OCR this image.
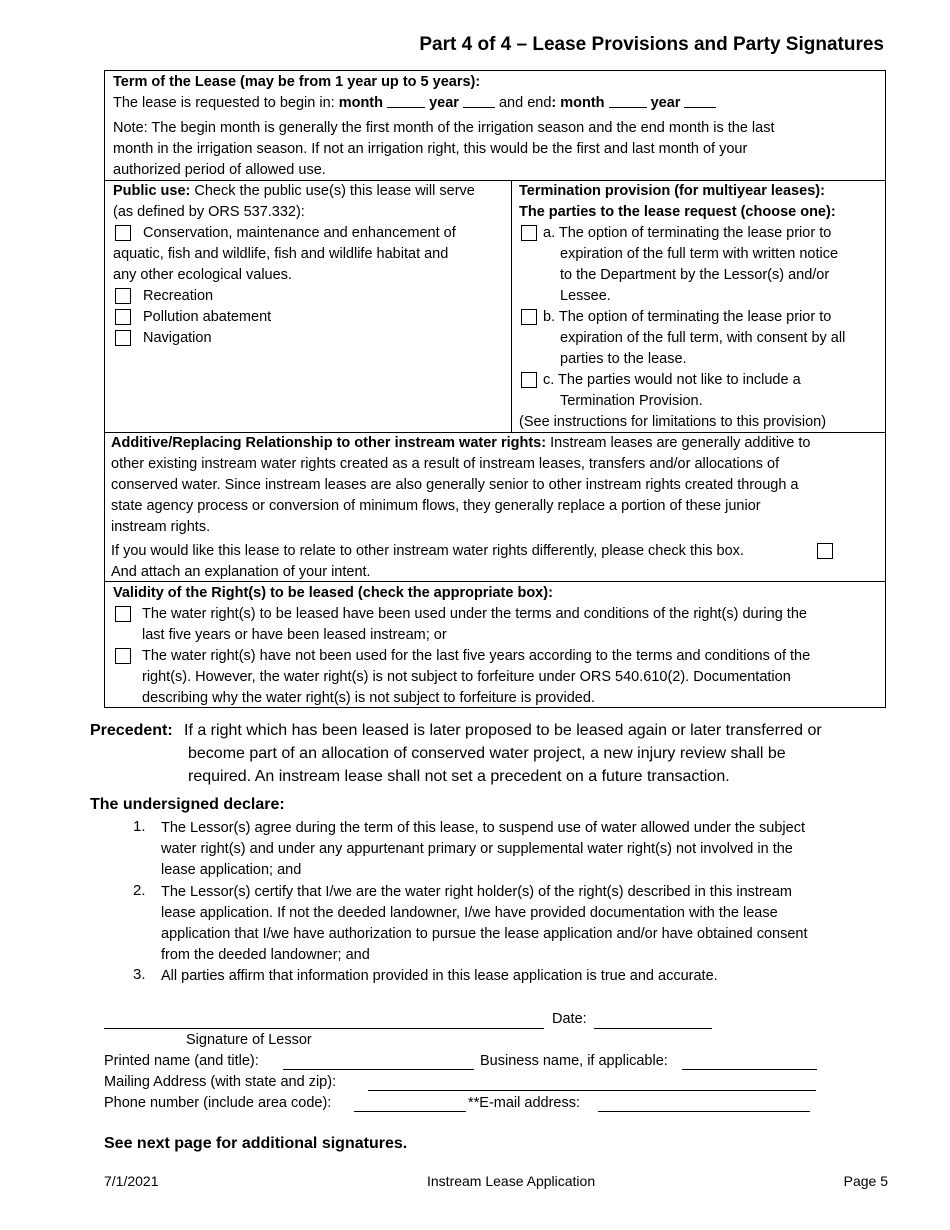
Part 4 of 4 – Lease Provisions and Party Signatures
Term of the Lease (may be from 1 year up to 5 years):
The lease is requested to begin in: month	year	and end: month	year
Note: The begin month is generally the first month of the irrigation season and the end month is the last
month in the irrigation season. If not an irrigation right, this would be the first and last month of your
authorized period of allowed use.
Public use: Check the public use(s) this lease will serve
(as defined by ORS 537.332):
Conservation, maintenance and enhancement of
aquatic, fish and wildlife, fish and wildlife habitat and
any other ecological values.
Recreation
Pollution abatement
Navigation
Termination provision (for multiyear leases):
The parties to the lease request (choose one):
a. The option of terminating the lease prior to
expiration of the full term with written notice
to the Department by the Lessor(s) and/or
Lessee.
b. The option of terminating the lease prior to
expiration of the full term, with consent by all
parties to the lease.
c. The parties would not like to include a
Termination Provision.
(See instructions for limitations to this provision)
Additive/Replacing Relationship to other instream water rights: Instream leases are generally additive to
other existing instream water rights created as a result of instream leases, transfers and/or allocations of
conserved water. Since instream leases are also generally senior to other instream rights created through a
state agency process or conversion of minimum flows, they generally replace a portion of these junior
instream rights.
If you would like this lease to relate to other instream water rights differently, please check this box.
And attach an explanation of your intent.
Validity of the Right(s) to be leased (check the appropriate box):
The water right(s) to be leased have been used under the terms and conditions of the right(s) during the
last five years or have been leased instream; or
The water right(s) have not been used for the last five years according to the terms and conditions of the
right(s). However, the water right(s) is not subject to forfeiture under ORS 540.610(2). Documentation
describing why the water right(s) is not subject to forfeiture is provided.
Precedent: If a right which has been leased is later proposed to be leased again or later transferred or
become part of an allocation of conserved water project, a new injury review shall be
required. An instream lease shall not set a precedent on a future transaction.
The undersigned declare:
1. The Lessor(s) agree during the term of this lease, to suspend use of water allowed under the subject
water right(s) and under any appurtenant primary or supplemental water right(s) not involved in the
lease application; and
2. The Lessor(s) certify that I/we are the water right holder(s) of the right(s) described in this instream
lease application. If not the deeded landowner, I/we have provided documentation with the lease
application that I/we have authorization to pursue the lease application and/or have obtained consent
from the deeded landowner; and
3. All parties affirm that information provided in this lease application is true and accurate.
Date:
Signature of Lessor
Printed name (and title):	Business name, if applicable:
Mailing Address (with state and zip):
Phone number (include area code):	**E-mail address:
See next page for additional signatures.
7/1/2021	Instream Lease Application	Page 5
